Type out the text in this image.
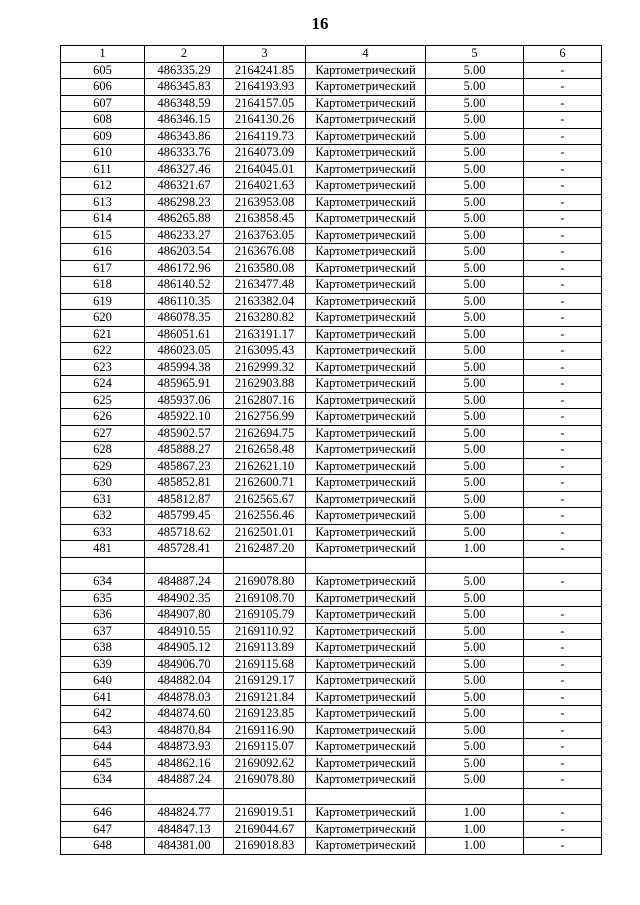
16
1	2	3	4	5	6
605	486335.29	2164241.85	Картометрический	5.00	-
606	486345.83	2164193.93	Картометрический	5.00	-
607	486348.59	2164157.05	Картометрический	5.00	-
608	486346.15	2164130.26	Картометрический	5.00	-
609	486343.86	2164119.73	Картометрический	5.00	-
610	486333.76	2164073.09	Картометрический	5.00	-
611	486327.46	2164045.01	Картометрический	5.00	-
612	486321.67	2164021.63	Картометрический	5.00	-
613	486298.23	2163953.08	Картометрический	5.00	-
614	486265.88	2163858.45	Картометрический	5.00	-
615	486233.27	2163763.05	Картометрический	5.00	-
616	486203.54	2163676.08	Картометрический	5.00	-
617	486172.96	2163580.08	Картометрический	5.00	-
618	486140.52	2163477.48	Картометрический	5.00	-
619	486110.35	2163382.04	Картометрический	5.00	-
620	486078.35	2163280.82	Картометрический	5.00	-
621	486051.61	2163191.17	Картометрический	5.00	-
622	486023.05	2163095.43	Картометрический	5.00	-
623	485994.38	2162999.32	Картометрический	5.00	-
624	485965.91	2162903.88	Картометрический	5.00	-
625	485937.06	2162807.16	Картометрический	5.00	-
626	485922.10	2162756.99	Картометрический	5.00	-
627	485902.57	2162694.75	Картометрический	5.00	-
628	485888.27	2162658.48	Картометрический	5.00	-
629	485867.23	2162621.10	Картометрический	5.00	-
630	485852.81	2162600.71	Картометрический	5.00	-
631	485812.87	2162565.67	Картометрический	5.00	-
632	485799.45	2162556.46	Картометрический	5.00	-
633	485718.62	2162501.01	Картометрический	5.00	-
481	485728.41	2162487.20	Картометрический	1.00	-

634	484887.24	2169078.80	Картометрический	5.00	-
635	484902.35	2169108.70	Картометрический	5.00	
636	484907.80	2169105.79	Картометрический	5.00	-
637	484910.55	2169110.92	Картометрический	5.00	-
638	484905.12	2169113.89	Картометрический	5.00	-
639	484906.70	2169115.68	Картометрический	5.00	-
640	484882.04	2169129.17	Картометрический	5.00	-
641	484878.03	2169121.84	Картометрический	5.00	-
642	484874.60	2169123.85	Картометрический	5.00	-
643	484870.84	2169116.90	Картометрический	5.00	-
644	484873.93	2169115.07	Картометрический	5.00	-
645	484862.16	2169092.62	Картометрический	5.00	-
634	484887.24	2169078.80	Картометрический	5.00	-

646	484824.77	2169019.51	Картометрический	1.00	-
647	484847.13	2169044.67	Картометрический	1.00	-
648	484381.00	2169018.83	Картометрический	1.00	-
